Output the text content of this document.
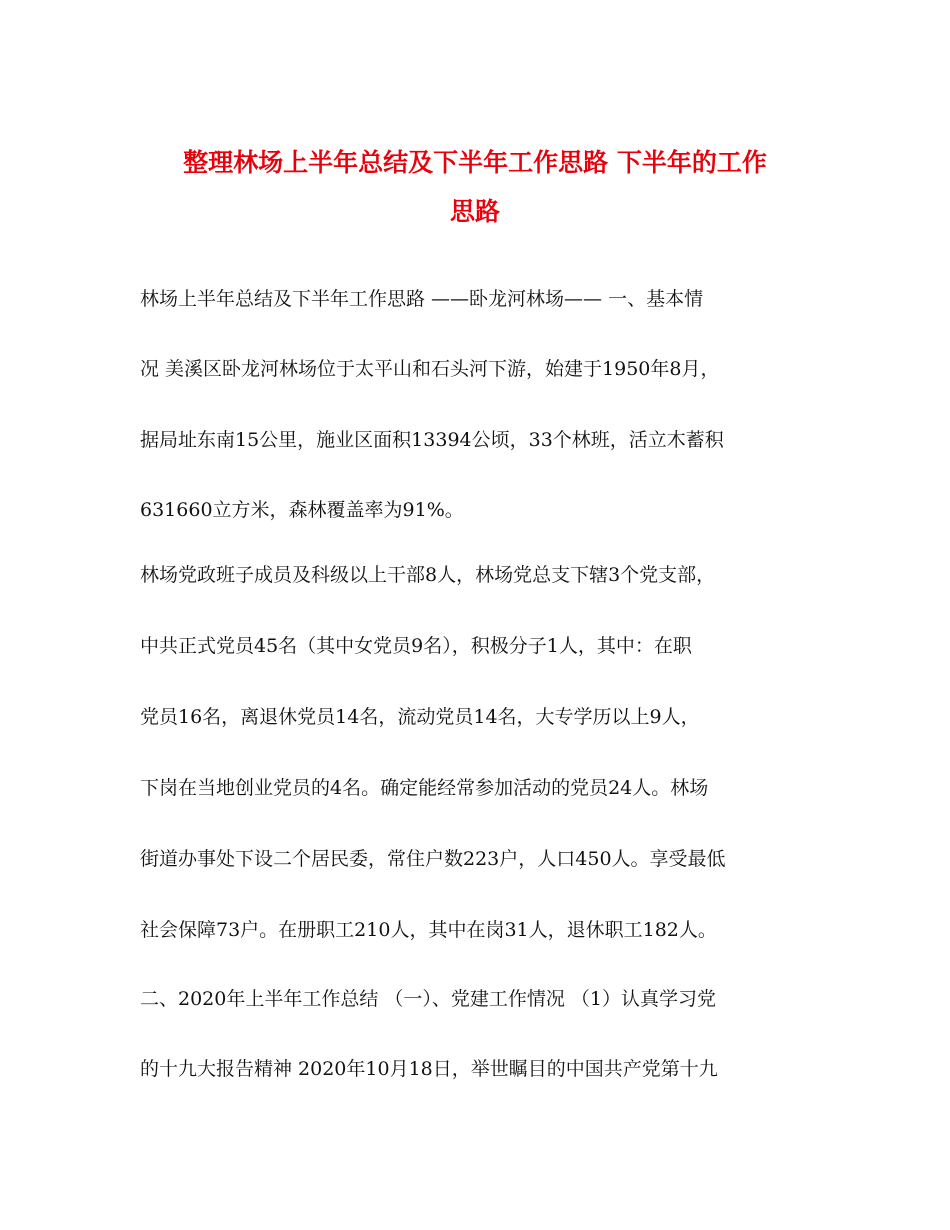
整理林场上半年总结及下半年工作思路 下半年的工作
思路
林场上半年总结及下半年工作思路 ——卧龙河林场—— 一、基本情
况 美溪区卧龙河林场位于太平山和石头河下游，始建于1950年8月，
据局址东南15公里，施业区面积13394公顷，33个林班，活立木蓄积
631660立方米，森林覆盖率为91%。
林场党政班子成员及科级以上干部8人，林场党总支下辖3个党支部，
中共正式党员45名（其中女党员9名），积极分子1人，其中：在职
党员16名，离退休党员14名，流动党员14名，大专学历以上9人，
下岗在当地创业党员的4名。确定能经常参加活动的党员24人。林场
街道办事处下设二个居民委，常住户数223户，人口450人。享受最低
社会保障73户。在册职工210人，其中在岗31人，退休职工182人。
二、2020年上半年工作总结 （一）、党建工作情况 （1）认真学习党
的十九大报告精神 2020年10月18日，举世瞩目的中国共产党第十九
